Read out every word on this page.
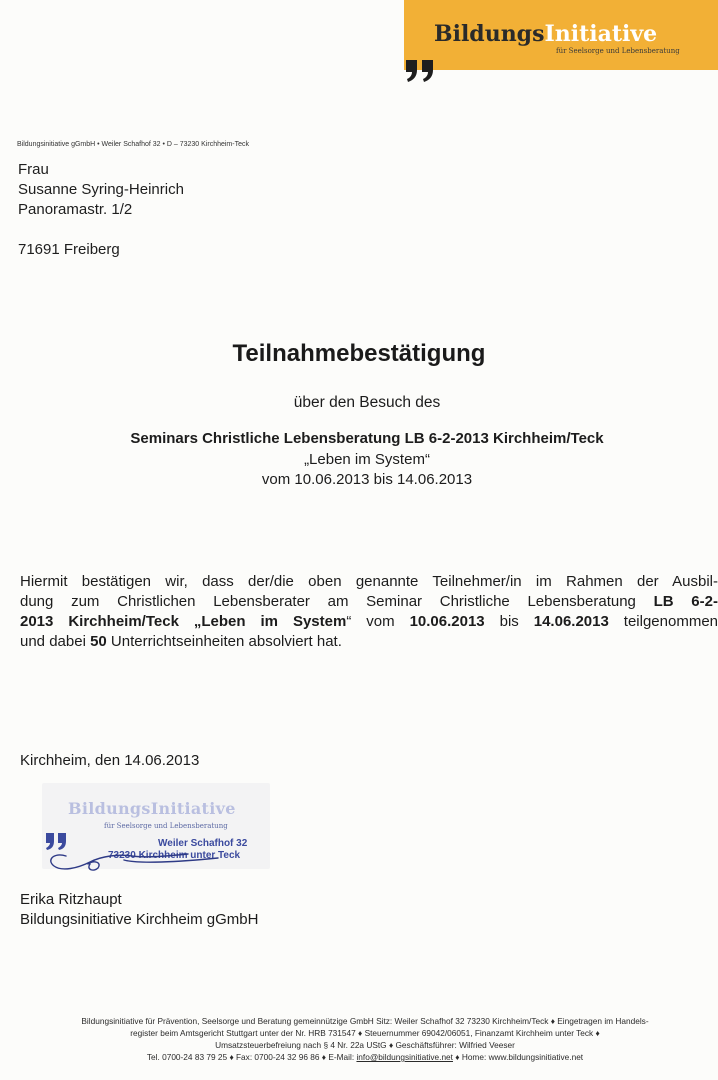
BildungsInitiative
für Seelsorge und Lebensberatung
Bildungsinitiative gGmbH • Weiler Schafhof 32 • D – 73230 Kirchheim-Teck
Frau
Susanne Syring-Heinrich
Panoramastr. 1/2
71691 Freiberg
Teilnahmebestätigung
über den Besuch des
Seminars Christliche Lebensberatung LB 6-2-2013 Kirchheim/Teck
„Leben im System“
vom 10.06.2013 bis 14.06.2013
Hiermit bestätigen wir, dass der/die oben genannte Teilnehmer/in im Rahmen der Ausbil-
dung zum Christlichen Lebensberater am Seminar Christliche Lebensberatung LB 6-2-
2013 Kirchheim/Teck „Leben im System“ vom 10.06.2013 bis 14.06.2013 teilgenommen
und dabei 50 Unterrichtseinheiten absolviert hat.
Kirchheim, den 14.06.2013
BildungsInitiative
für Seelsorge und Lebensberatung
Weiler Schafhof 32
73230 Kirchheim unter Teck
Erika Ritzhaupt
Bildungsinitiative Kirchheim gGmbH
Bildungsinitiative für Prävention, Seelsorge und Beratung gemeinnützige GmbH Sitz: Weiler Schafhof 32 73230 Kirchheim/Teck ♦ Eingetragen im Handels-
register beim Amtsgericht Stuttgart unter der Nr. HRB 731547 ♦ Steuernummer 69042/06051, Finanzamt Kirchheim unter Teck ♦
Umsatzsteuerbefreiung nach § 4 Nr. 22a UStG ♦ Geschäftsführer: Wilfried Veeser
Tel. 0700-24 83 79 25 ♦ Fax: 0700-24 32 96 86 ♦ E-Mail: info@bildungsinitiative.net ♦ Home: www.bildungsinitiative.net
